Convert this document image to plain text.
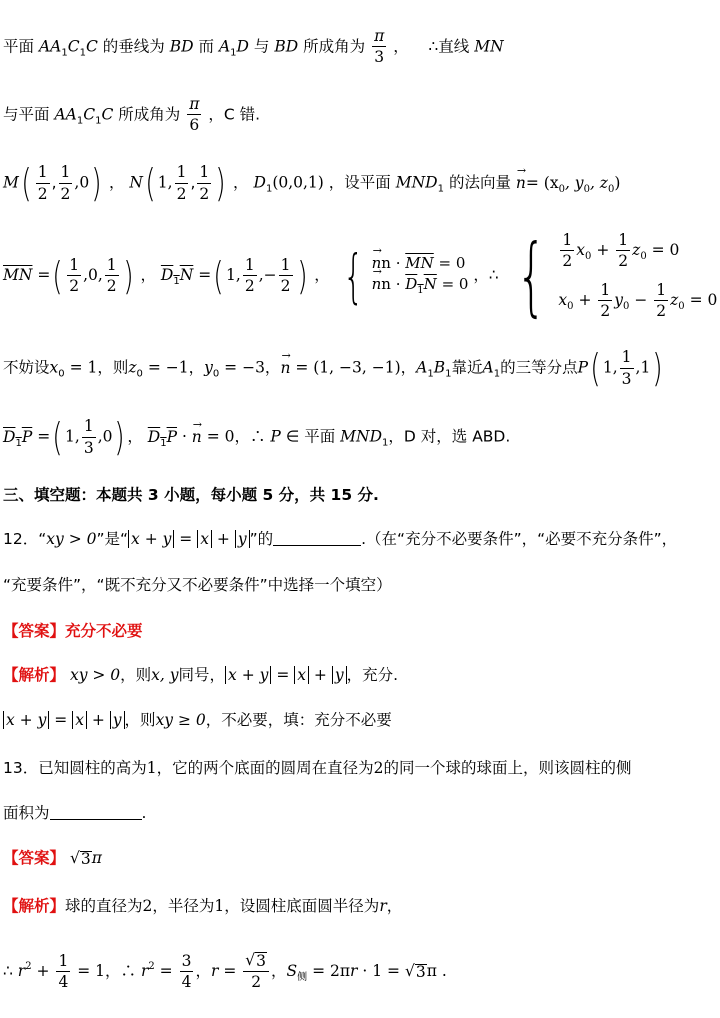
平面 $AA_1C_1C$ 的垂线为 BD 而 $A_1D$ 与 BD 所成角为 $\frac{\pi}{3}$ ， ∴直线 MN
与平面 $AA_1C_1C$ 所成角为 $\frac{\pi}{6}$ ，C 错.
$M( \frac{1}{2}$ , $\frac{1}{2} ,0$) ， N( 1, $\frac{1}{2}$ , $\frac{1}{2}$ ) ， $D_1(0,0,1)$ ，设平面 $MND_1$ 的法向量 → $n= (x_0$, $y_0$, $z_0$)
$\overline{MN}$ =( $\frac{1}{2} ,0$, $\frac{1}{2}$ ) ， $D_1N$ =( 1, $\frac{1}{2}$ ,− $\frac{1}{2}$ ) ， { → nn · $\overline{MN} = 0$
→ nn · $D_1N = 0$ ，∴ { $\frac{1}{2} x_0 + \frac{1}{2} z_0 = 0$
$x_0 + \frac{1}{2} y_0 - \frac{1}{2} z_0 = 0$
不妨设$x_0 = 1$，则$z_0 = -1$，$y_0 = -3$，→ n = (1, −3, −1)，$A_1B_1$靠近$A_1$的三等分点P( 1, $\frac{1}{3} ,1$)
$D_1P$ =( 1, $\frac{1}{3} ,0$) ， $D_1P$ · → n = 0，∴ P ∈ 平面 $MND_1$，D 对，选 ABD.
三、填空题：本题共 3 小题，每小题 5 分，共 15 分.
12．“xy > 0”是“ x + y = x + y ”的	.（在“充分不必要条件”，“必要不充分条件”，
“充要条件”，“既不充分又不必要条件”中选择一个填空）
【答案】充分不必要
【解析】 xy > 0，则x, y同号， x + y = x + y ，充分.
x + y = x + y ，则xy ≥ 0，不必要，填：充分不必要
13．已知圆柱的高为1，它的两个底面的圆周在直径为2的同一个球的球面上，则该圆柱的侧
面积为	.
【答案】 √ 3 π
【解析】球的直径为2，半径为1，设圆柱底面圆半径为r，
∴ $r^2 + \frac{1}{4} = 1$，∴ $r^2 = \frac{3}{4}$ ，$r = \frac{√ 3}{2}$ ，$S_侧 = 2\pi r \cdot 1$ = √ 3 π .
